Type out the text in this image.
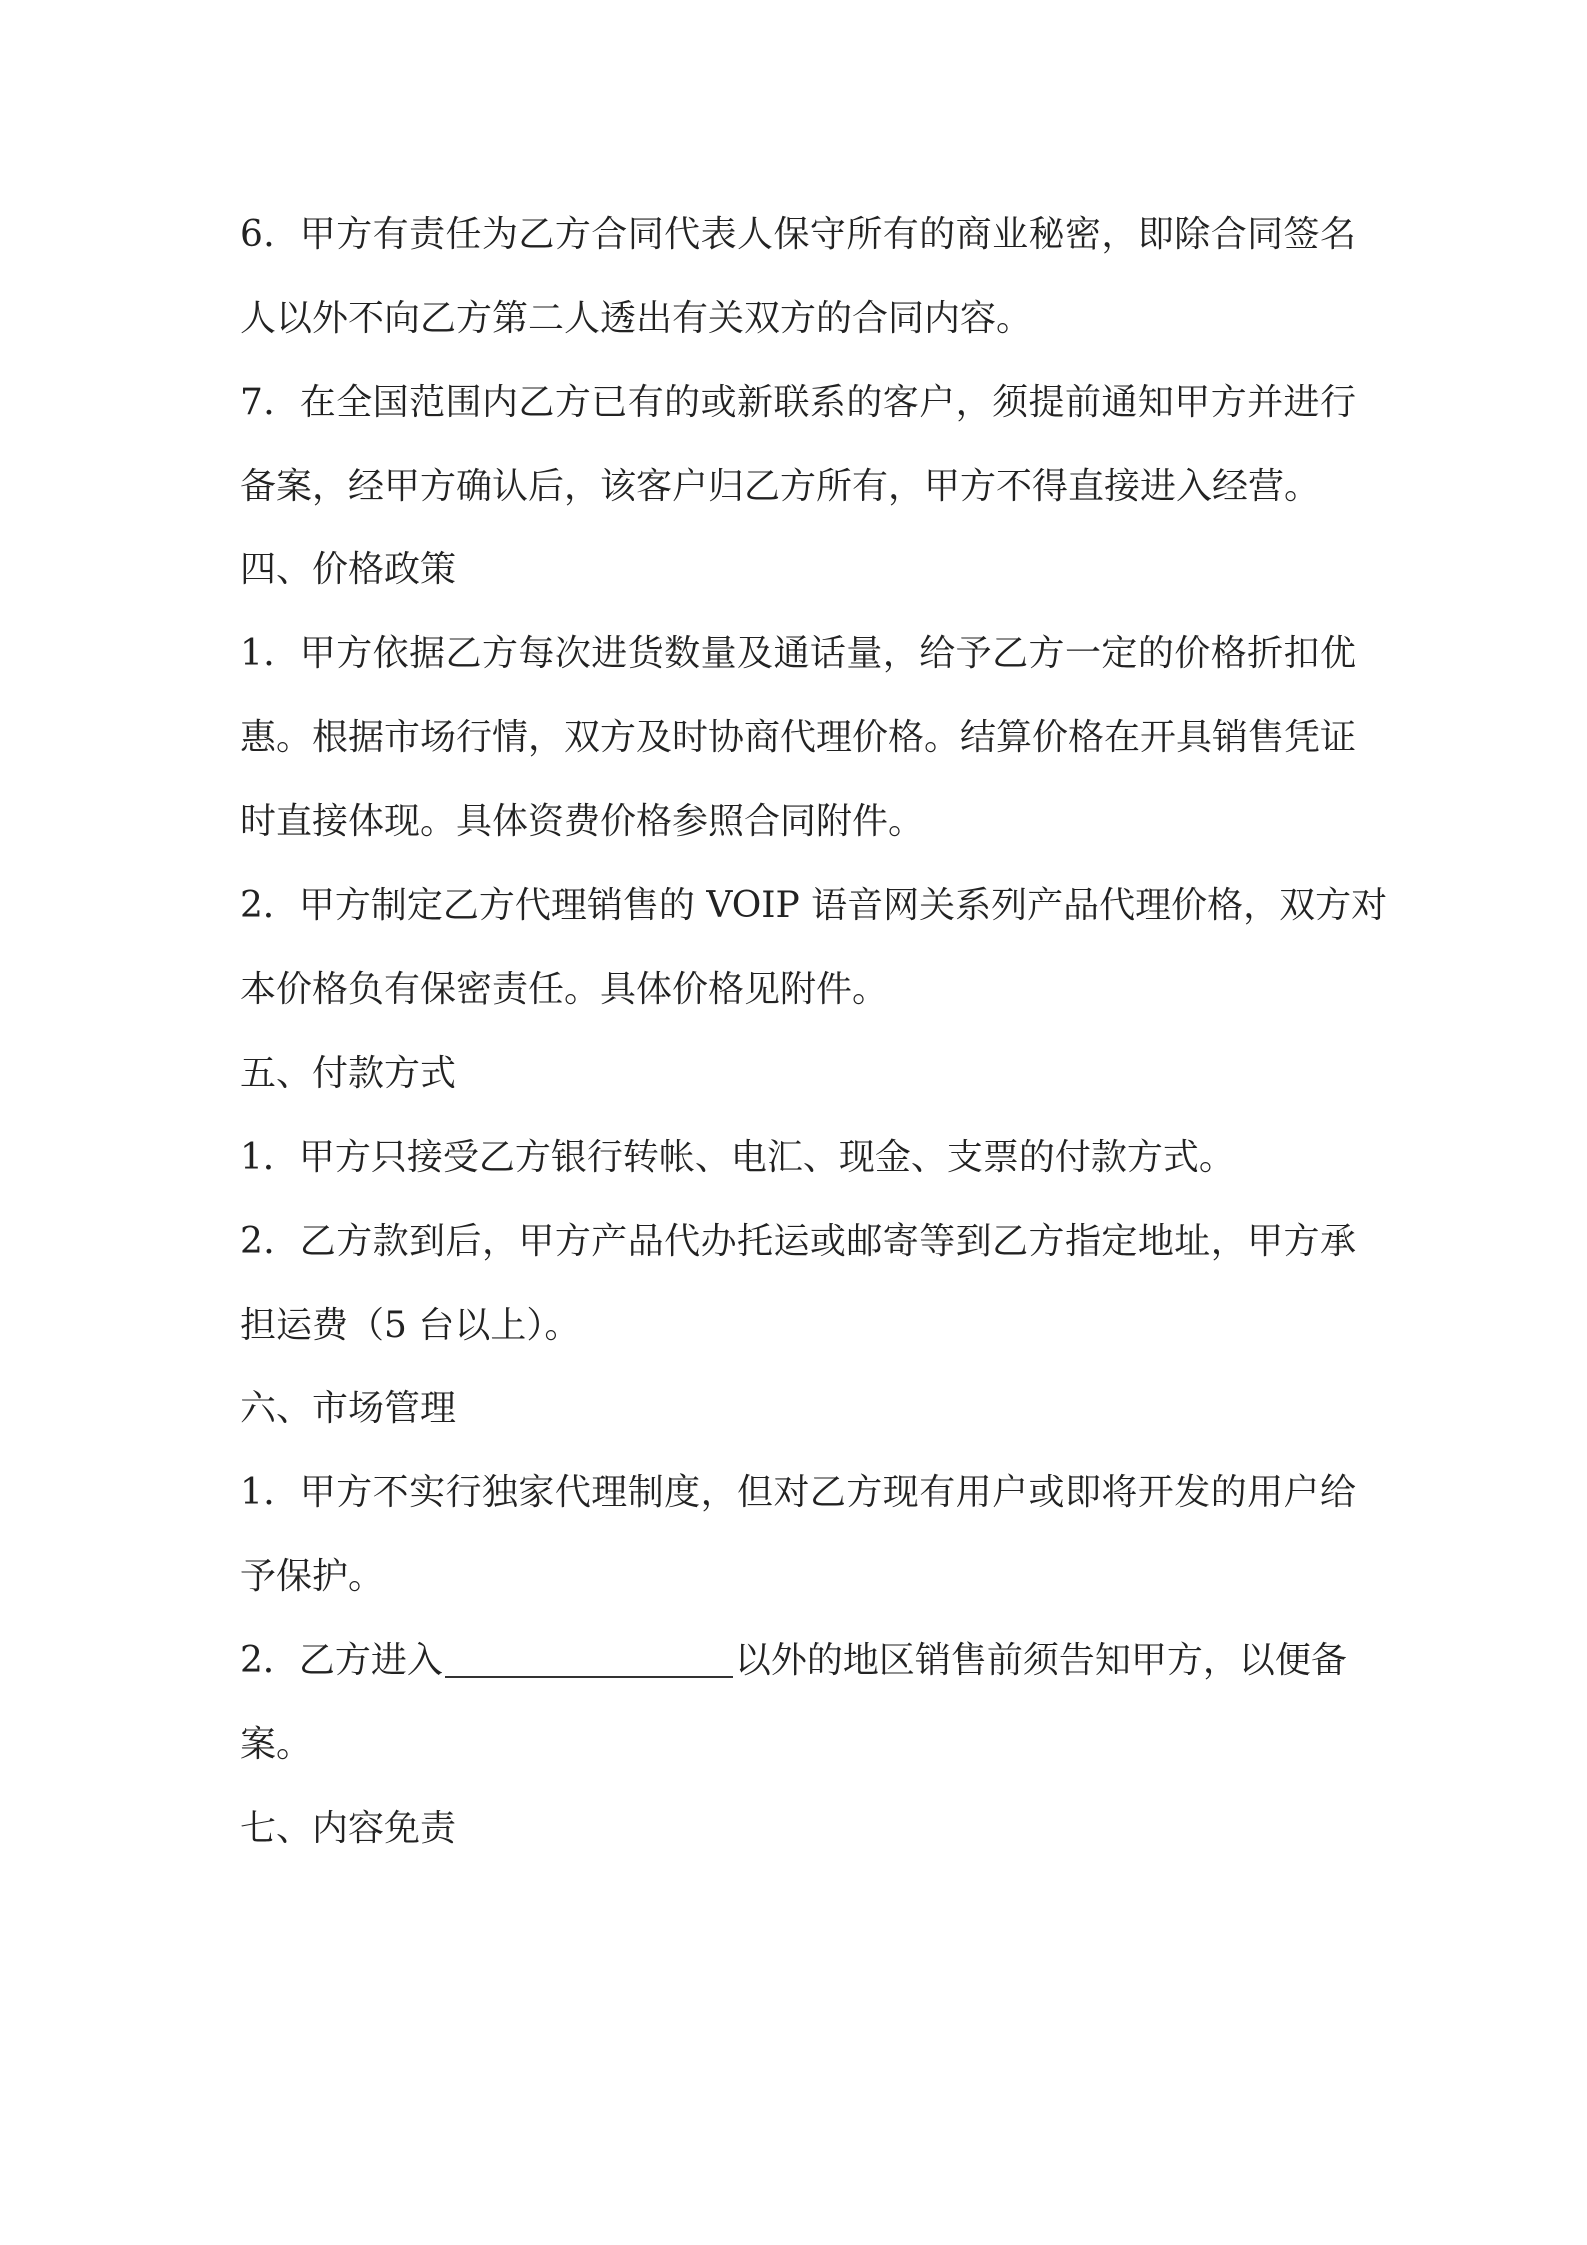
6．甲方有责任为乙方合同代表人保守所有的商业秘密，即除合同签名
人以外不向乙方第二人透出有关双方的合同内容。
7．在全国范围内乙方已有的或新联系的客户，须提前通知甲方并进行
备案，经甲方确认后，该客户归乙方所有，甲方不得直接进入经营。
四、价格政策
1．甲方依据乙方每次进货数量及通话量，给予乙方一定的价格折扣优
惠。根据市场行情，双方及时协商代理价格。结算价格在开具销售凭证
时直接体现。具体资费价格参照合同附件。
2．甲方制定乙方代理销售的 VOIP 语音网关系列产品代理价格，双方对
本价格负有保密责任。具体价格见附件。
五、付款方式
1．甲方只接受乙方银行转帐、电汇、现金、支票的付款方式。
2．乙方款到后，甲方产品代办托运或邮寄等到乙方指定地址，甲方承
担运费（5 台以上）。
六、市场管理
1．甲方不实行独家代理制度，但对乙方现有用户或即将开发的用户给
予保护。
2．乙方进入	以外的地区销售前须告知甲方，以便备
案。
七、内容免责
